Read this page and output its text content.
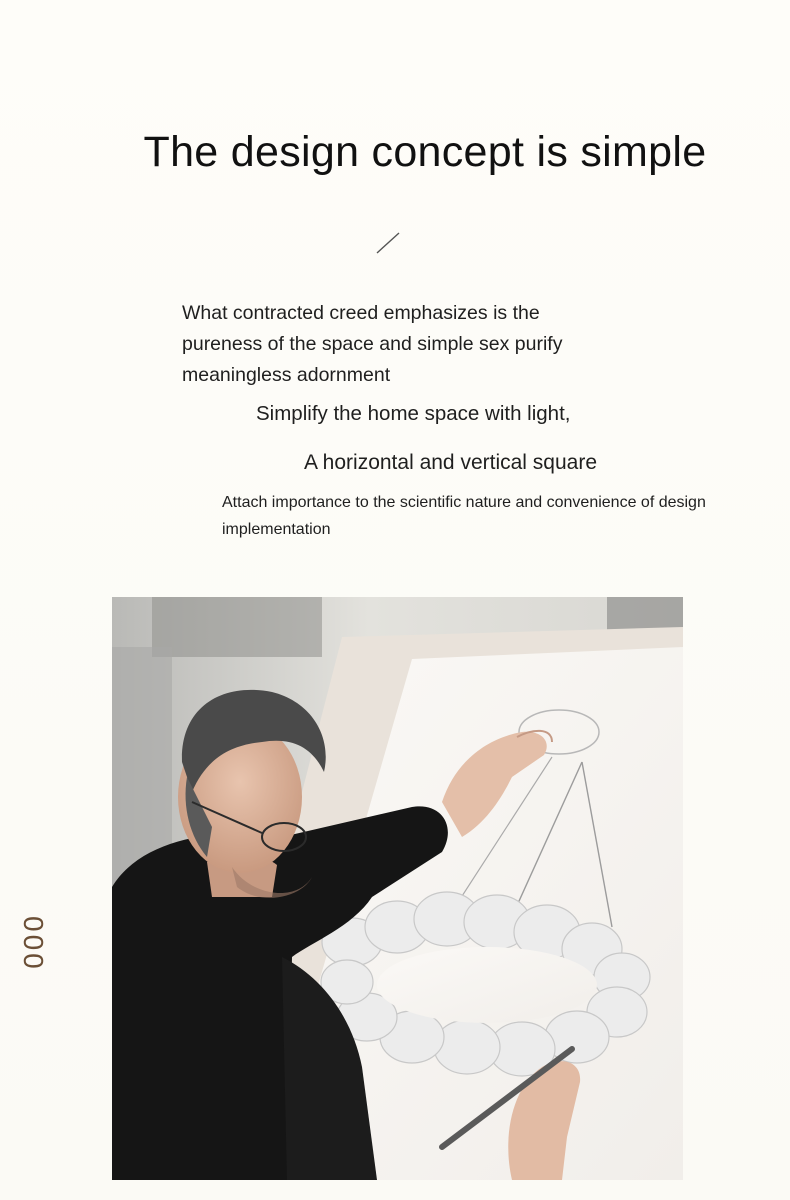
The design concept is simple

What contracted creed emphasizes is the pureness of the space and simple sex purify meaningless adornment

Simplify the home space with light,

A horizontal and vertical square

Attach importance to the scientific nature and convenience of design implementation

000
